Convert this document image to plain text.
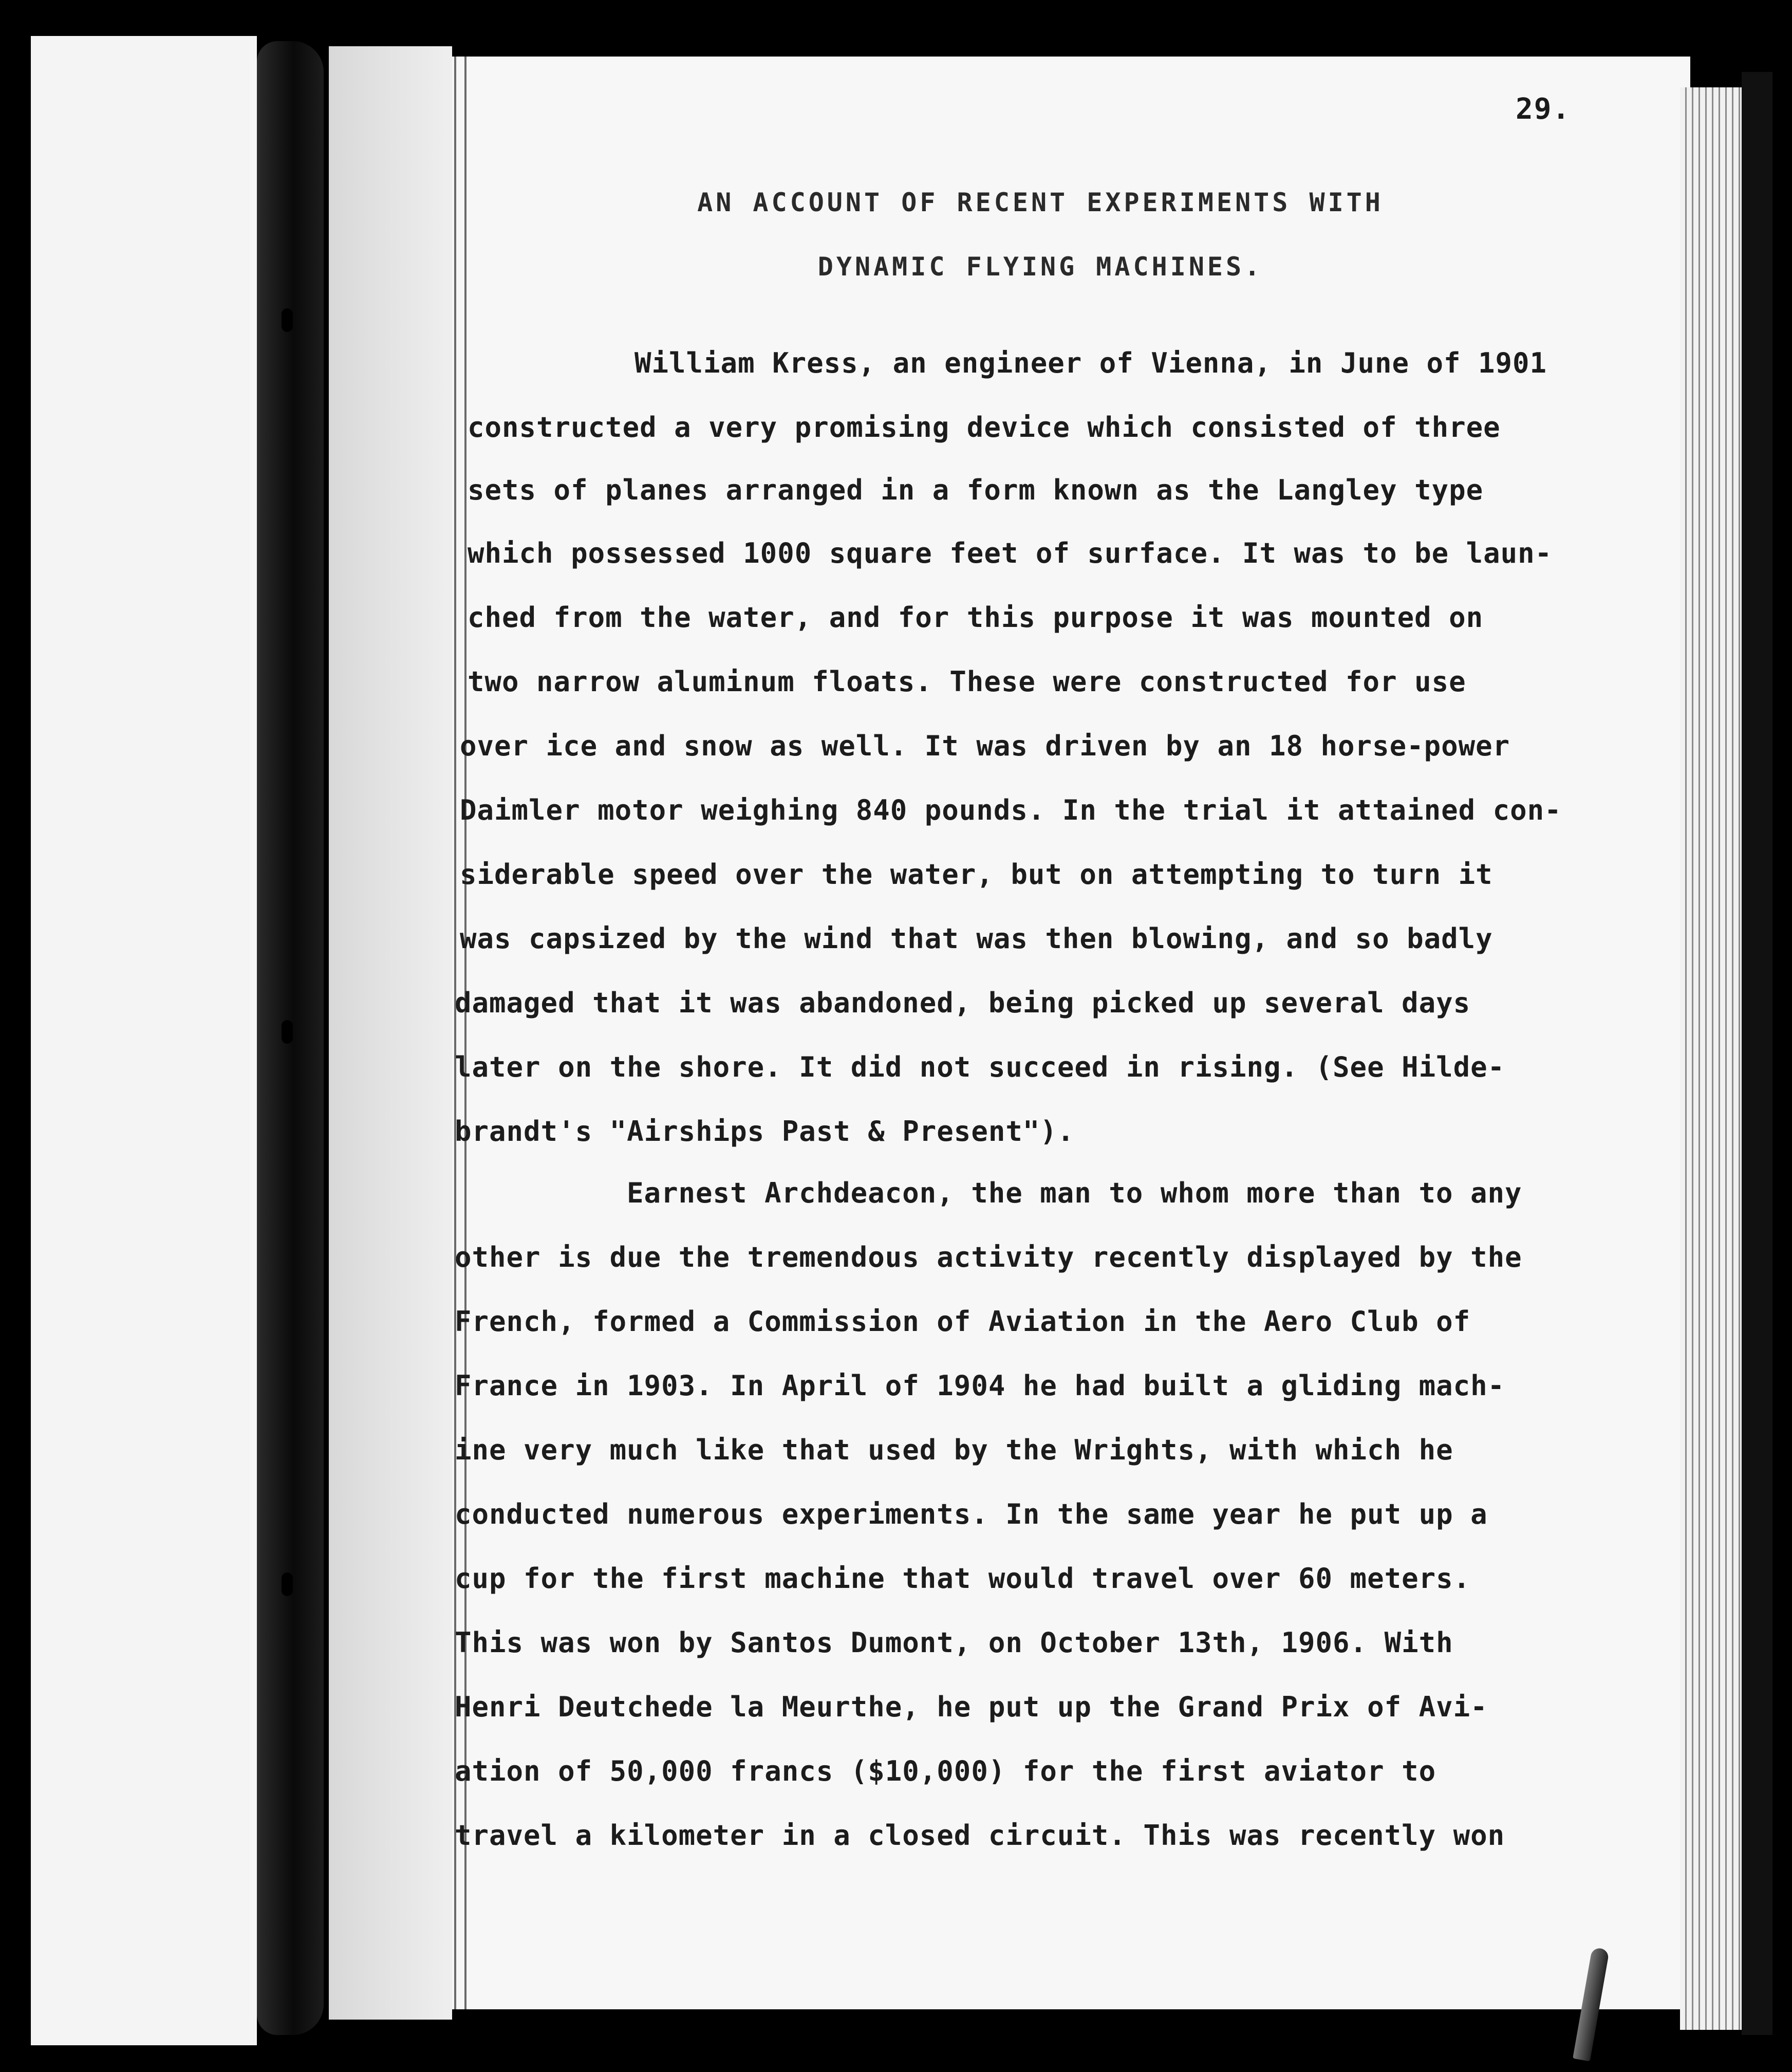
29.
AN ACCOUNT OF RECENT EXPERIMENTS WITH
DYNAMIC FLYING MACHINES.
William Kress, an engineer of Vienna, in June of 1901
constructed a very promising device which consisted of three
sets of planes arranged in a form known as the Langley type
which possessed 1000 square feet of surface. It was to be laun-
ched from the water, and for this purpose it was mounted on
two narrow aluminum floats. These were constructed for use
over ice and snow as well. It was driven by an 18 horse-power
Daimler motor weighing 840 pounds. In the trial it attained con-
siderable speed over the water, but on attempting to turn it
was capsized by the wind that was then blowing, and so badly
damaged that it was abandoned, being picked up several days
later on the shore. It did not succeed in rising. (See Hilde-
brandt's "Airships Past & Present").
Earnest Archdeacon, the man to whom more than to any
other is due the tremendous activity recently displayed by the
French, formed a Commission of Aviation in the Aero Club of
France in 1903. In April of 1904 he had built a gliding mach-
ine very much like that used by the Wrights, with which he
conducted numerous experiments. In the same year he put up a
cup for the first machine that would travel over 60 meters.
This was won by Santos Dumont, on October 13th, 1906. With
Henri Deutchede la Meurthe, he put up the Grand Prix of Avi-
ation of 50,000 francs ($10,000) for the first aviator to
travel a kilometer in a closed circuit. This was recently won
